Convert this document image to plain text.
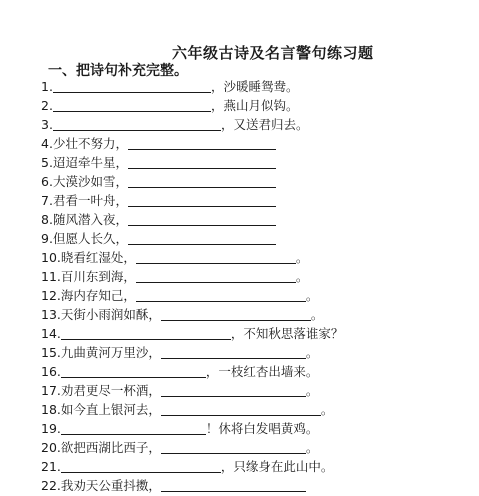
六年级古诗及名言警句练习题
一、把诗句补充完整。
1.	，沙暖睡鸳鸯。
2.	，燕山月似钩。
3.	，又送君归去。
4.少壮不努力，
5.迢迢牵牛星，
6.大漠沙如雪，
7.君看一叶舟，
8.随风潜入夜，
9.但愿人长久，
10.晓看红湿处，	。
11.百川东到海，	。
12.海内存知己，	。
13.天街小雨润如酥，	。
14.	，不知秋思落谁家？
15.九曲黄河万里沙，	。
16.	，一枝红杏出墙来。
17.劝君更尽一杯酒，	。
18.如今直上银河去，	。
19.	！休将白发唱黄鸡。
20.欲把西湖比西子，	。
21.	，只缘身在此山中。
22.我劝天公重抖擞，
